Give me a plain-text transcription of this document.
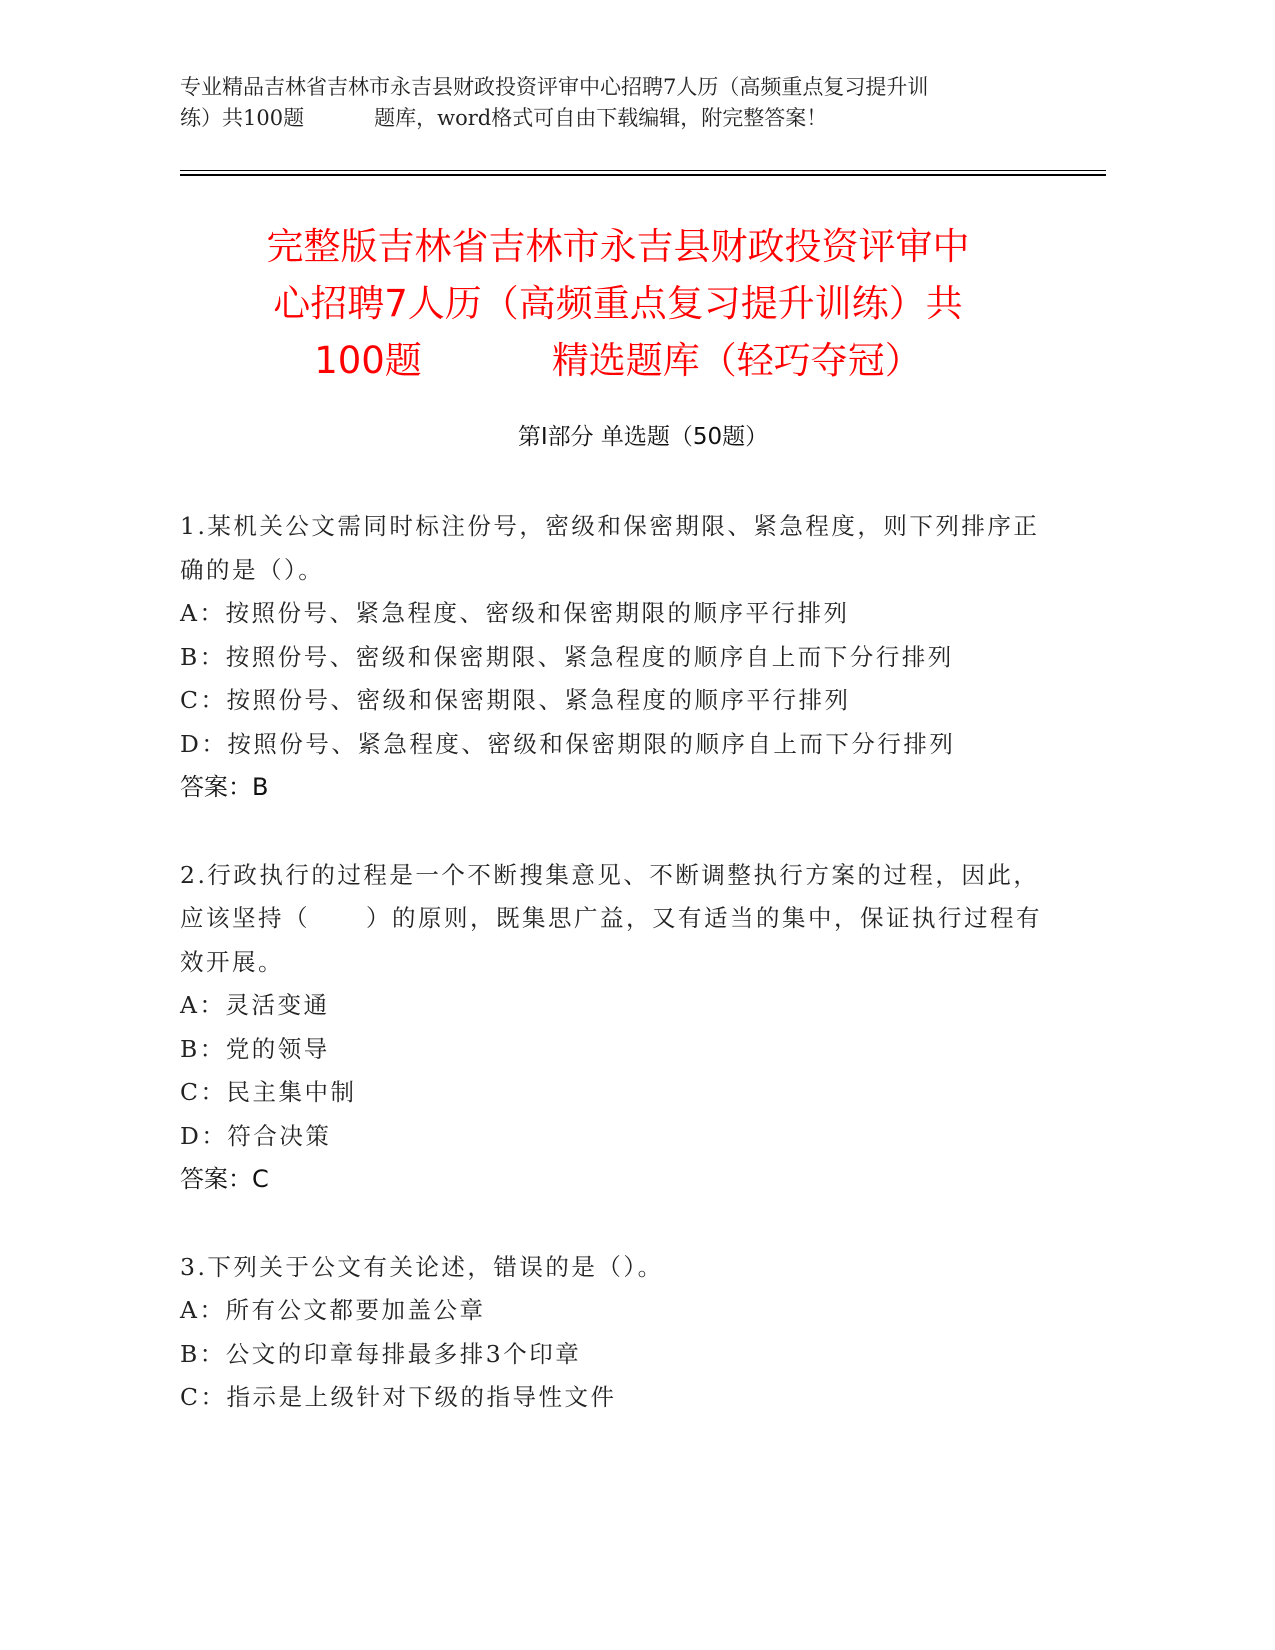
专业精品吉林省吉林市永吉县财政投资评审中心招聘7人历（高频重点复习提升训
练）共100题	题库，word格式可自由下载编辑，附完整答案！
完整版吉林省吉林市永吉县财政投资评审中
心招聘7人历（高频重点复习提升训练）共
100题	精选题库（轻巧夺冠）
第Ⅰ部分 单选题（50题）
1.某机关公文需同时标注份号，密级和保密期限、紧急程度，则下列排序正确的是（）。
A：按照份号、紧急程度、密级和保密期限的顺序平行排列
B：按照份号、密级和保密期限、紧急程度的顺序自上而下分行排列
C：按照份号、密级和保密期限、紧急程度的顺序平行排列
D：按照份号、紧急程度、密级和保密期限的顺序自上而下分行排列
答案：B
2.行政执行的过程是一个不断搜集意见、不断调整执行方案的过程，因此，应该坚持（ ）的原则，既集思广益，又有适当的集中，保证执行过程有效开展。
A：灵活变通
B：党的领导
C：民主集中制
D：符合决策
答案：C
3.下列关于公文有关论述，错误的是（）。
A：所有公文都要加盖公章
B：公文的印章每排最多排3个印章
C：指示是上级针对下级的指导性文件
